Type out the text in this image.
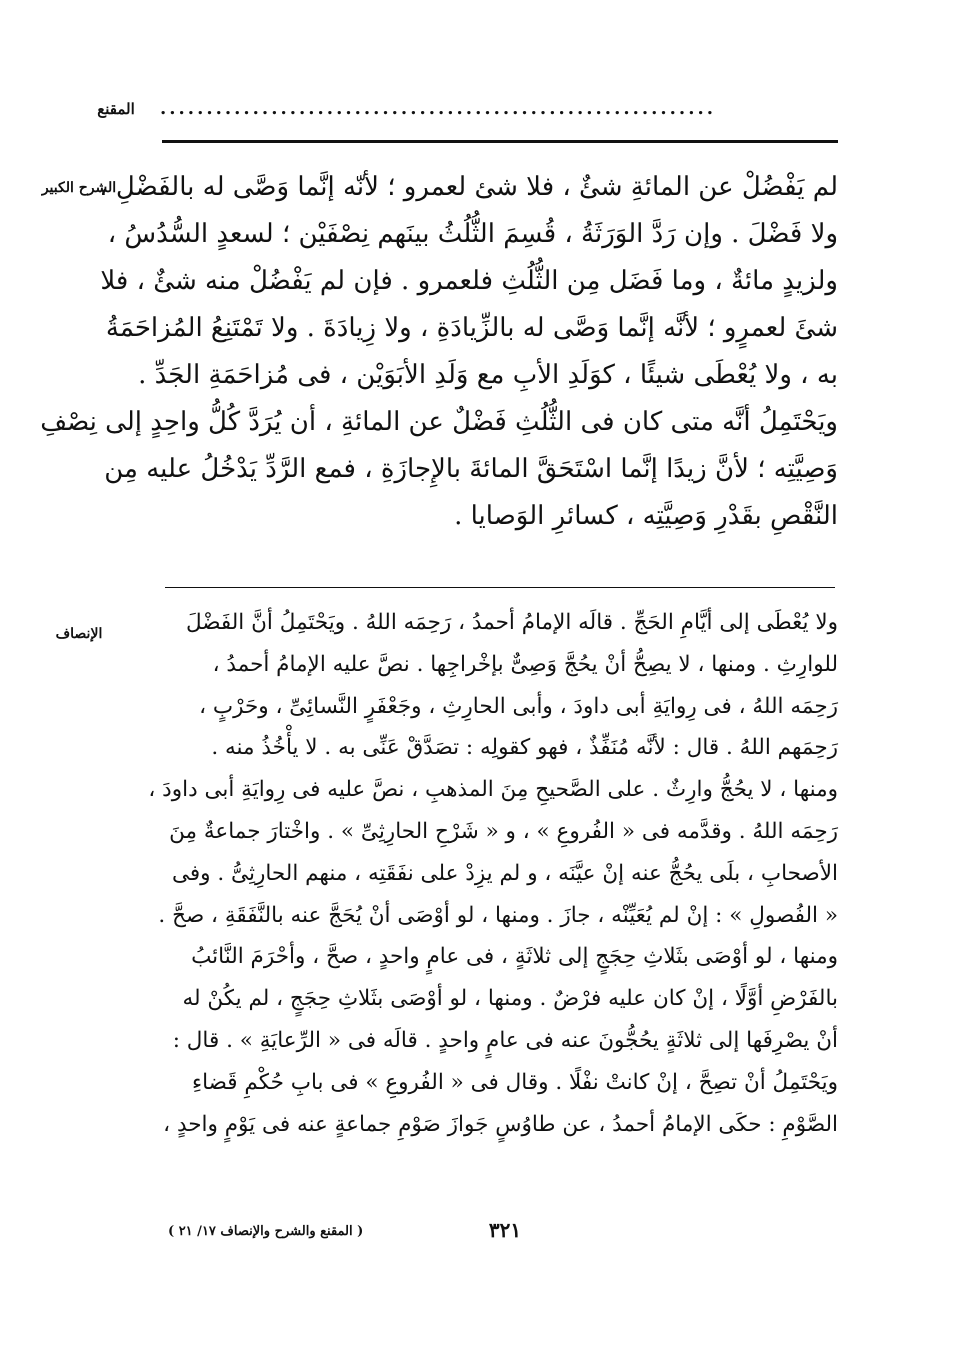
المقنع	............................................................
الشرح الكبير
لم يَفْضُلْ عن المائةِ شئٌ ، فلا شئ لعمرو ؛ لأنّه إنَّما وَصَّى له بالفَضْلِ ،
ولا فَضْلَ . وإن رَدَّ الوَرَثَةُ ، قُسِمَ الثُّلُثُ بينَهم نِصْفَيْن ؛ لسعدٍ السُّدُسُ ،
ولزيدٍ مائةٌ ، وما فَضَل مِن الثُّلُثِ فلعمرو . فإن لم يَفْضُلْ منه شئٌ ، فلا
شئَ لعمرٍو ؛ لأنَّه إنَّما وَصَّى له بالزِّيادَةِ ، ولا زِيادَةَ . ولا تَمْتَنِعُ المُزاحَمَةُ
به ، ولا يُعْطَى شيئًا ، كوَلَدِ الأبِ مع وَلَدِ الأبَوَيْن ، فى مُزاحَمَةِ الجَدِّ .
ويَحْتَمِلُ أنَّه متى كان فى الثُّلُثِ فَضْلٌ عن المائةِ ، أن يُرَدَّ كُلُّ واحِدٍ إلى نِصْفِ
وَصِيَّتِه ؛ لأنَّ زيدًا إنَّما اسْتَحَقَّ المائةَ بالإِجازَةِ ، فمع الرَّدِّ يَدْخُلُ عليه مِن
النَّقْصِ بقَدْرِ وَصِيَّتِه ، كسائرِ الوَصايا .
الإنصاف	ولا يُعْطَى إلى أيَّامِ الحَجِّ . قالَه الإمامُ أحمدُ ، رَحِمَه اللهُ . ويَحْتَمِلُ أنَّ الفَضْلَ
للوارِثِ . ومنها ، لا يصِحُّ أنْ يحُجَّ وَصِىٌّ بإخْراجِها . نصَّ عليه الإمامُ أحمدُ ،
رَحِمَه اللهُ ، فى رِوايَةِ أبى داودَ ، وأبى الحارِثِ ، وجَعْفَرٍ النَّسائِىِّ ، وحَرْبٍ ،
رَحِمَهم اللهُ . قال : لأنَّه مُنَفِّذٌ ، فهو كقولِه : تصَدَّقْ عَنِّى به . لا يأْخُذُ منه .
ومنها ، لا يحُجُّ وارِثٌ . على الصَّحيحِ مِنَ المذهبِ ، نصَّ عليه فى رِوايَةِ أبى داودَ ،
رَحِمَه اللهُ . وقدَّمه فى « الفُروعِ » ، و « شَرْحِ الحارِثِىِّ » . واخْتارَ جماعةٌ مِنَ
الأصحابِ ، بلَى يحُجُّ عنه إنْ عيَّنَه ، و لم يزِدْ على نفَقَتِه ، منهم الحارِثِىُّ . وفى
« الفُصولِ » : إنْ لم يُعَيِّنْه ، جازَ . ومنها ، لو أوْصَى أنْ يُحَجَّ عنه بالنَّفَقَةِ ، صحَّ .
ومنها ، لو أوْصَى بثَلاثِ حِجَجٍ إلى ثلاثَةٍ ، فى عامٍ واحدٍ ، صحَّ ، وأحْرَمَ النَّائبُ
بالفَرْضِ أوَّلًا ، إنْ كان عليه فرْضٌ . ومنها ، لو أوْصَى بثَلاثِ حِجَجٍ ، لم يكُنْ له
أنْ يصْرِفَها إلى ثلاثَةٍ يحُجُّونَ عنه فى عامٍ واحدٍ . قالَه فى « الرِّعايَةِ » . قال :
ويَحْتَمِلُ أنْ تصِحَّ ، إنْ كانتْ نفْلًا . وقال فى « الفُروعِ » فى بابِ حُكْمِ قَضاءِ
الصَّوْمِ : حكَى الإمامُ أحمدُ ، عن طاوُسٍ جَوازَ صَوْمِ جماعةٍ عنه فى يَوْمٍ واحدٍ ،
٣٢١
( المقنع والشرح والإنصاف ١٧/ ٢١ )
